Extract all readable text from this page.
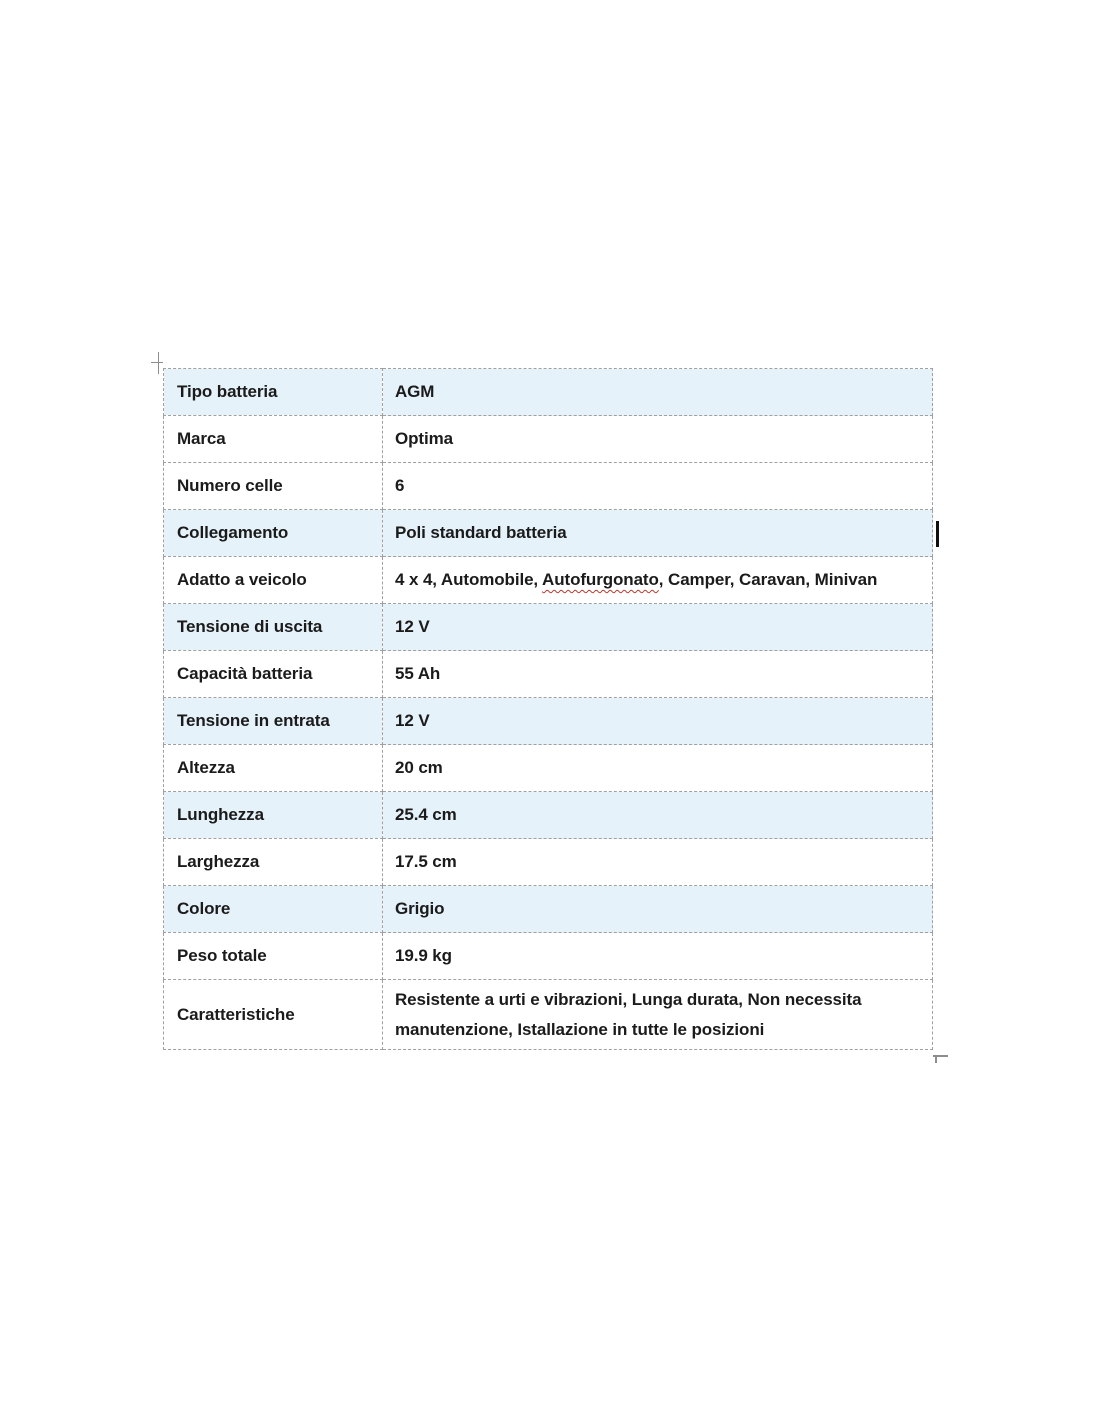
Tipo batteria	AGM
Marca	Optima
Numero celle	6
Collegamento	Poli standard batteria
Adatto a veicolo	4 x 4, Automobile, Autofurgonato, Camper, Caravan, Minivan
Tensione di uscita	12 V
Capacità batteria	55 Ah
Tensione in entrata	12 V
Altezza	20 cm
Lunghezza	25.4 cm
Larghezza	17.5 cm
Colore	Grigio
Peso totale	19.9 kg
Caratteristiche	Resistente a urti e vibrazioni, Lunga durata, Non necessita manutenzione, Istallazione in tutte le posizioni
